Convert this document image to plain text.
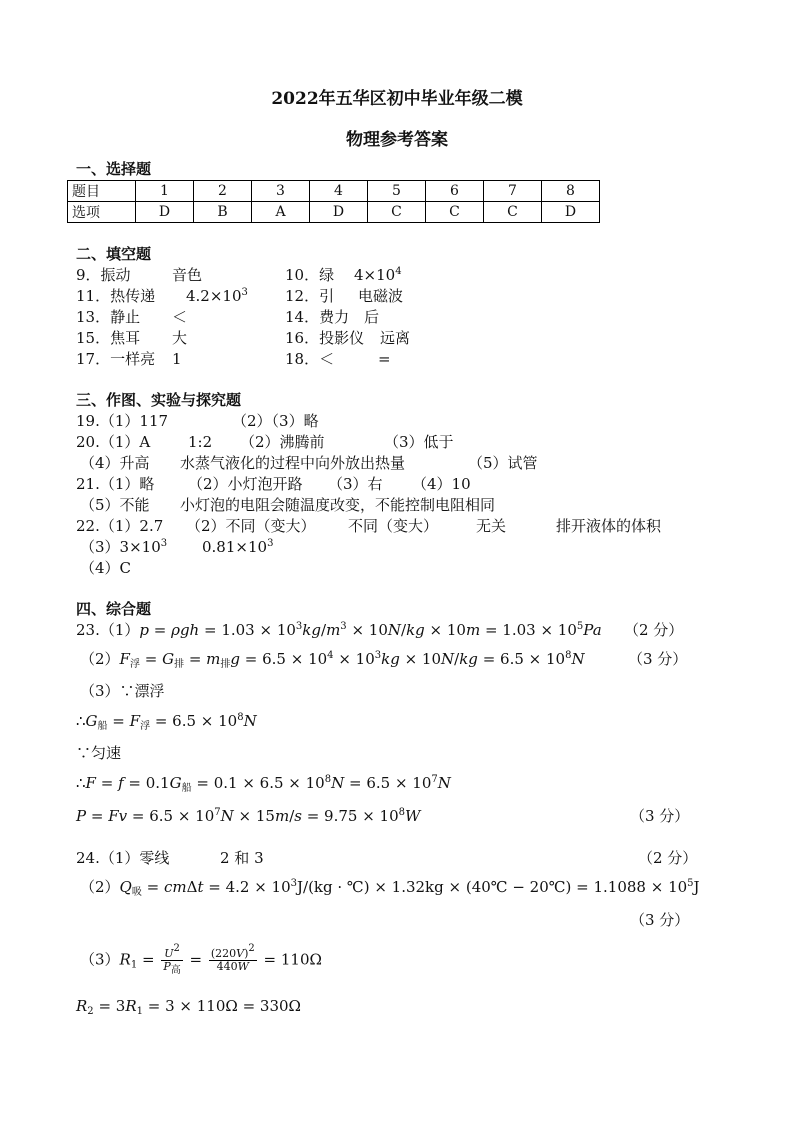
2022年五华区初中毕业年级二模
物理参考答案
一、选择题
题目	1	2	3	4	5	6	7	8
选项	D	B	A	D	C	C	C	D
二、填空题
9．振动	音色	10．绿 $4\times 10^4$
11．热传递 $4.2\times 10^3$ 12．引 电磁波
13．静止 ＜	14．费力 后
15．焦耳 大	16．投影仪 远离
17．一样亮 1	18．＜	=
三、作图、实验与探究题
19.（1）117	（2）（3）略
20.（1）A	1:2 （2）沸腾前	（3）低于
（4）升高 水蒸气液化的过程中向外放出热量	（5）试管
21.（1）略 （2）小灯泡开路 （3）右 （4）10
（5）不能 小灯泡的电阻会随温度改变，不能控制电阻相同
22.（1）2.7 （2）不同（变大） 不同（变大）	无关	排开液体的体积
$(3)3\times 10^3$ $0.81\times 10^3$
（4）C
四、综合题
$23.(1)p = \rho gh = 1.03 \times 10^3kg/m^3 \times 10N/kg \times 10m = 1.03 \times 10^5Pa$ （2 分）
$(2)F_浮 = G_排 = m_排g = 6.5 \times 10^4 \times 10^3kg \times 10N/kg = 6.5 \times 10^8N$	（3 分）
（3）∵漂浮
$\therefore G_船 = F_浮 = 6.5 \times 10^8N$
∵匀速
∴F = $f = 0.1G_船 = 0.1 \times 6.5 \times 10^8N = 6.5 \times 10^7N$
$P = Fv = 6.5 \times 10^7N \times 15m/s = 9.75 \times 10^8W$	（3 分）
24.（1）零线	2 和 3	（2 分）
$(2)Q_吸 = cm\Delta t = 4.2 \times 10^3J/(kg$ · ℃) × 1.32kg × (40℃ − 20℃) = $1.1088 \times 10^5J$
（3 分）
$(3)R_1 = \frac{U^2}{P_高} = \frac{(220V)^2}{440W} = 110\Omega$
$R_2 = 3R_1 = 3 \times 110\Omega = 330\Omega$
